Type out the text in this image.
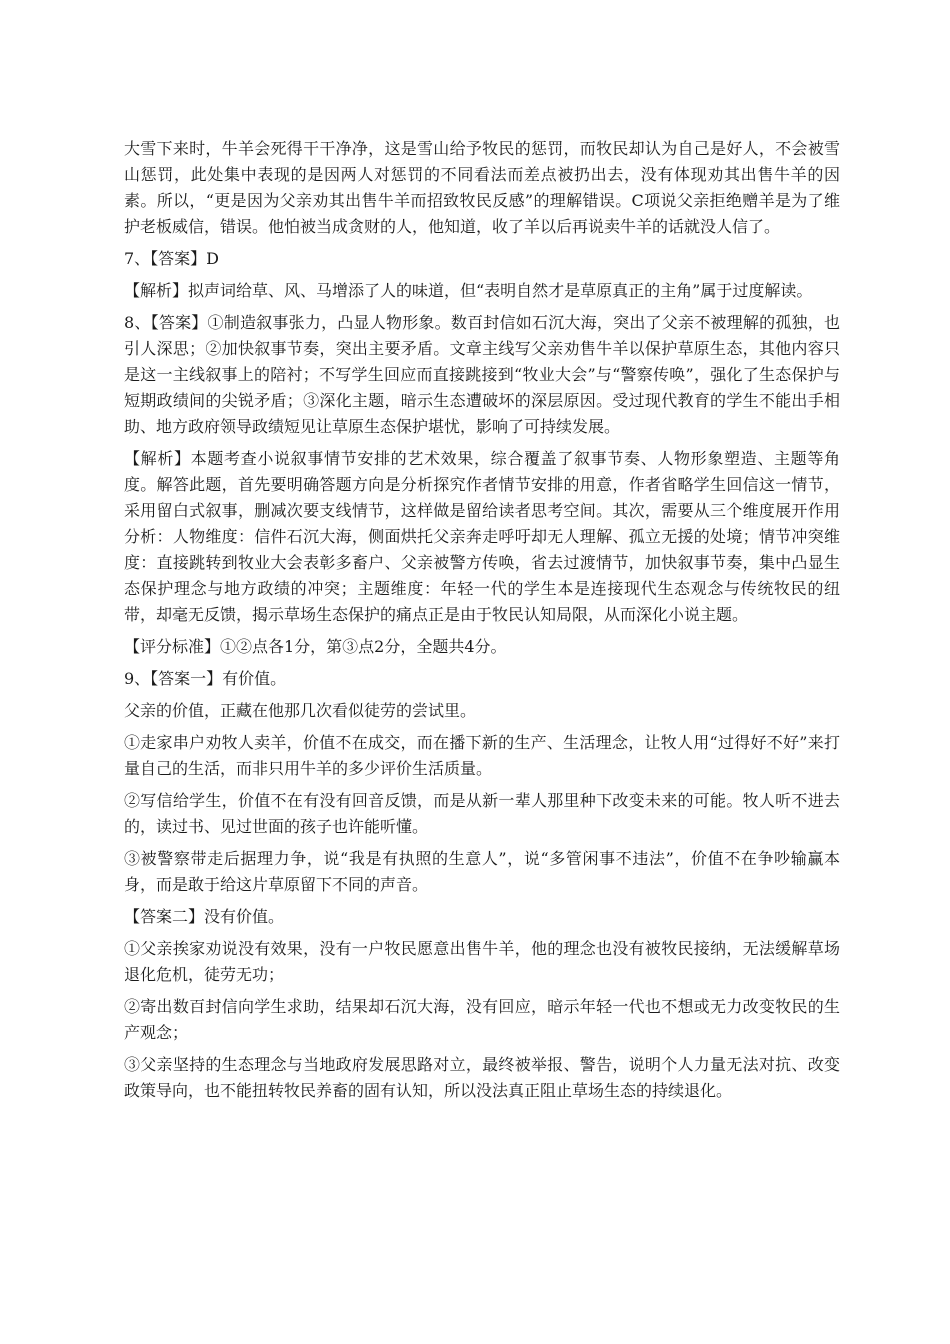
大雪下来时，牛羊会死得干干净净，这是雪山给予牧民的惩罚，而牧民却认为自己是好人，不会被雪山惩罚，此处集中表现的是因两人对惩罚的不同看法而差点被扔出去，没有体现劝其出售牛羊的因素。所以，“更是因为父亲劝其出售牛羊而招致牧民反感”的理解错误。C项说父亲拒绝赠羊是为了维护老板威信，错误。他怕被当成贪财的人，他知道，收了羊以后再说卖牛羊的话就没人信了。

7、【答案】D

【解析】拟声词给草、风、马增添了人的味道，但“表明自然才是草原真正的主角”属于过度解读。

8、【答案】①制造叙事张力，凸显人物形象。数百封信如石沉大海，突出了父亲不被理解的孤独，也引人深思；②加快叙事节奏，突出主要矛盾。文章主线写父亲劝售牛羊以保护草原生态，其他内容只是这一主线叙事上的陪衬；不写学生回应而直接跳接到“牧业大会”与“警察传唤”，强化了生态保护与短期政绩间的尖锐矛盾；③深化主题，暗示生态遭破坏的深层原因。受过现代教育的学生不能出手相助、地方政府领导政绩短见让草原生态保护堪忧，影响了可持续发展。

【解析】本题考查小说叙事情节安排的艺术效果，综合覆盖了叙事节奏、人物形象塑造、主题等角度。解答此题，首先要明确答题方向是分析探究作者情节安排的用意，作者省略学生回信这一情节，采用留白式叙事，删减次要支线情节，这样做是留给读者思考空间。其次，需要从三个维度展开作用分析：人物维度：信件石沉大海，侧面烘托父亲奔走呼吁却无人理解、孤立无援的处境；情节冲突维度：直接跳转到牧业大会表彰多畜户、父亲被警方传唤，省去过渡情节，加快叙事节奏，集中凸显生态保护理念与地方政绩的冲突；主题维度：年轻一代的学生本是连接现代生态观念与传统牧民的纽带，却毫无反馈，揭示草场生态保护的痛点正是由于牧民认知局限，从而深化小说主题。

【评分标准】①②点各1分，第③点2分，全题共4分。

9、【答案一】有价值。

父亲的价值，正藏在他那几次看似徒劳的尝试里。

①走家串户劝牧人卖羊，价值不在成交，而在播下新的生产、生活理念，让牧人用“过得好不好”来打量自己的生活，而非只用牛羊的多少评价生活质量。

②写信给学生，价值不在有没有回音反馈，而是从新一辈人那里种下改变未来的可能。牧人听不进去的，读过书、见过世面的孩子也许能听懂。

③被警察带走后据理力争，说“我是有执照的生意人”，说“多管闲事不违法”，价值不在争吵输赢本身，而是敢于给这片草原留下不同的声音。

【答案二】没有价值。

①父亲挨家劝说没有效果，没有一户牧民愿意出售牛羊，他的理念也没有被牧民接纳，无法缓解草场退化危机，徒劳无功；

②寄出数百封信向学生求助，结果却石沉大海，没有回应，暗示年轻一代也不想或无力改变牧民的生产观念；

③父亲坚持的生态理念与当地政府发展思路对立，最终被举报、警告，说明个人力量无法对抗、改变政策导向，也不能扭转牧民养畜的固有认知，所以没法真正阻止草场生态的持续退化。
